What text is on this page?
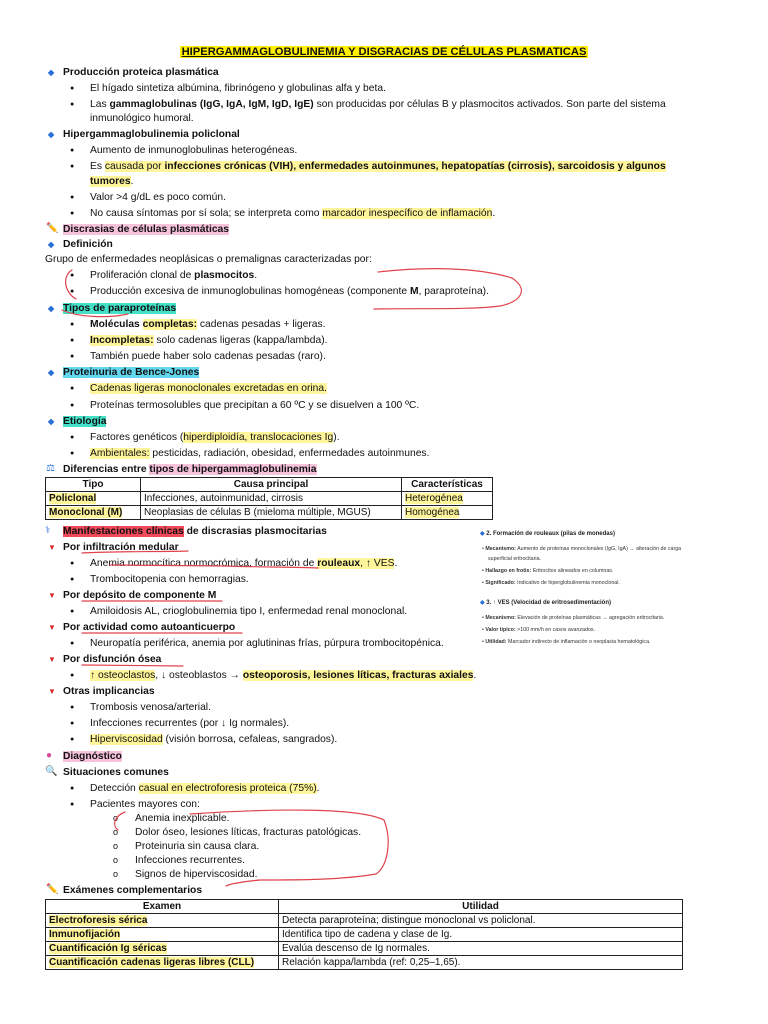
HIPERGAMMAGLOBULINEMIA Y DISGRACIAS DE CÉLULAS PLASMATICAS
◆ Producción proteica plasmática
● El hígado sintetiza albúmina, fibrinógeno y globulinas alfa y beta.
● Las gammaglobulinas (IgG, IgA, IgM, IgD, IgE) son producidas por células B y plasmocitos activados. Son parte del sistema
inmunológico humoral.
◆ Hipergammaglobulinemia policlonal
● Aumento de inmunoglobulinas heterogéneas.
● Es causada por infecciones crónicas (VIH), enfermedades autoinmunes, hepatopatías (cirrosis), sarcoidosis y algunos
tumores.
● Valor >4 g/dL es poco común.
● No causa síntomas por sí sola; se interpreta como marcador inespecífico de inflamación.
✏️ Discrasias de células plasmáticas
◆ Definición
Grupo de enfermedades neoplásicas o premalignas caracterizadas por:
● Proliferación clonal de plasmocitos.
● Producción excesiva de inmunoglobulinas homogéneas (componente M, paraproteína).
◆ Tipos de paraproteínas
● Moléculas completas: cadenas pesadas + ligeras.
● Incompletas: solo cadenas ligeras (kappa/lambda).
● También puede haber solo cadenas pesadas (raro).
◆ Proteinuria de Bence-Jones
● Cadenas ligeras monoclonales excretadas en orina.
● Proteínas termosolubles que precipitan a 60 ºC y se disuelven a 100 ºC.
◆ Etiología
● Factores genéticos (hiperdiploidía, translocaciones Ig).
● Ambientales: pesticidas, radiación, obesidad, enfermedades autoinmunes.
⚖ Diferencias entre tipos de hipergammaglobulinemia
Tipo	Causa principal	Características
Policlonal	Infecciones, autoinmunidad, cirrosis	Heterogénea
Monoclonal (M)	Neoplasias de células B (mieloma múltiple, MGUS)	Homogénea
⚕ Manifestaciones clínicas de discrasias plasmocitarias
▼ Por infiltración medular
● Anemia normocítica normocrómica, formación de rouleaux, ↑ VES.
● Trombocitopenia con hemorragias.
▼ Por depósito de componente M
● Amiloidosis AL, crioglobulinemia tipo I, enfermedad renal monoclonal.
▼ Por actividad como autoanticuerpo
● Neuropatía periférica, anemia por aglutininas frías, púrpura trombocitopénica.
▼ Por disfunción ósea
● ↑ osteoclastos, ↓ osteoblastos → osteoporosis, lesiones líticas, fracturas axiales.
▼ Otras implicancias
● Trombosis venosa/arterial.
● Infecciones recurrentes (por ↓ Ig normales).
● Hiperviscosidad (visión borrosa, cefaleas, sangrados).
◆ 2. Formación de rouleaux (pilas de monedas)
• Mecanismo: Aumento de proteínas monoclonales (IgG, IgA) → alteración de carga
superficial eritrocitaria.
• Hallazgo en frotis: Eritrocitos alineados en columnas.
• Significado: Indicativo de hiperglobulinemia monoclonal.
◆ 3. ↑ VES (Velocidad de eritrosedimentación)
• Mecanismo: Elevación de proteínas plasmáticas → agregación eritrocitaria.
• Valor típico: >100 mm/h en casos avanzados.
• Utilidad: Marcador indirecto de inflamación o neoplasia hematológica.
● Diagnóstico
🔍 Situaciones comunes
● Detección casual en electroforesis proteica (75%).
● Pacientes mayores con:
o Anemia inexplicable.
o Dolor óseo, lesiones líticas, fracturas patológicas.
o Proteinuria sin causa clara.
o Infecciones recurrentes.
o Signos de hiperviscosidad.
✏️ Exámenes complementarios
Examen	Utilidad
Electroforesis sérica	Detecta paraproteína; distingue monoclonal vs policlonal.
Inmunofijación	Identifica tipo de cadena y clase de Ig.
Cuantificación Ig séricas	Evalúa descenso de Ig normales.
Cuantificación cadenas ligeras libres (CLL)	Relación kappa/lambda (ref: 0,25–1,65).
